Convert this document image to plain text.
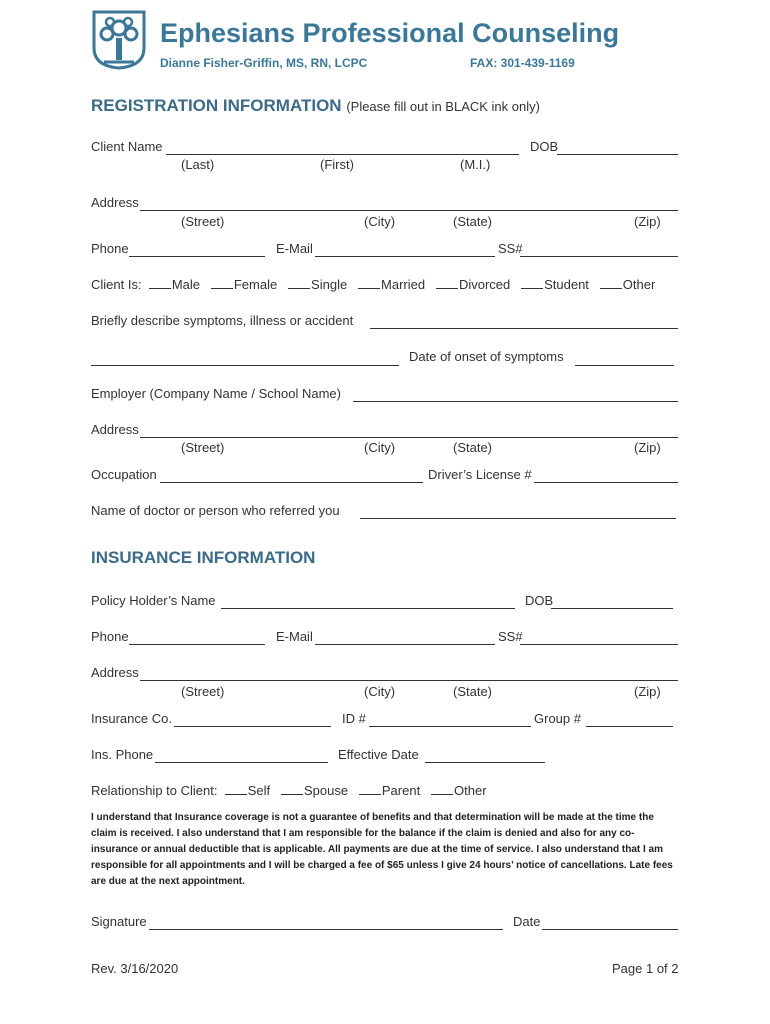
Ephesians Professional Counseling
Dianne Fisher-Griffin, MS, RN, LCPC	FAX: 301-439-1169
REGISTRATION INFORMATION (Please fill out in BLACK ink only)
Client Name	DOB
(Last)	(First)	(M.I.)
Address
(Street)	(City)	(State)	(Zip)
Phone	E-Mail	SS#
Client Is: Male	Female	Single	Married	Divorced	Student	Other
Briefly describe symptoms, illness or accident
Date of onset of symptoms
Employer (Company Name / School Name)
Address
(Street)	(City)	(State)	(Zip)
Occupation	Driver’s License #
Name of doctor or person who referred you
INSURANCE INFORMATION
Policy Holder’s Name	DOB
Phone	E-Mail	SS#
Address
(Street)	(City)	(State)	(Zip)
Insurance Co.	ID #	Group #
Ins. Phone	Effective Date
Relationship to Client: Self	Spouse	Parent	Other
I understand that Insurance coverage is not a guarantee of benefits and that determination will be made at the time the claim is received. I also understand that I am responsible for the balance if the claim is denied and also for any co-insurance or annual deductible that is applicable. All payments are due at the time of service. I also understand that I am responsible for all appointments and I will be charged a fee of $65 unless I give 24 hours’ notice of cancellations. Late fees are due at the next appointment.
Signature	Date
Rev. 3/16/2020	Page 1 of 2
